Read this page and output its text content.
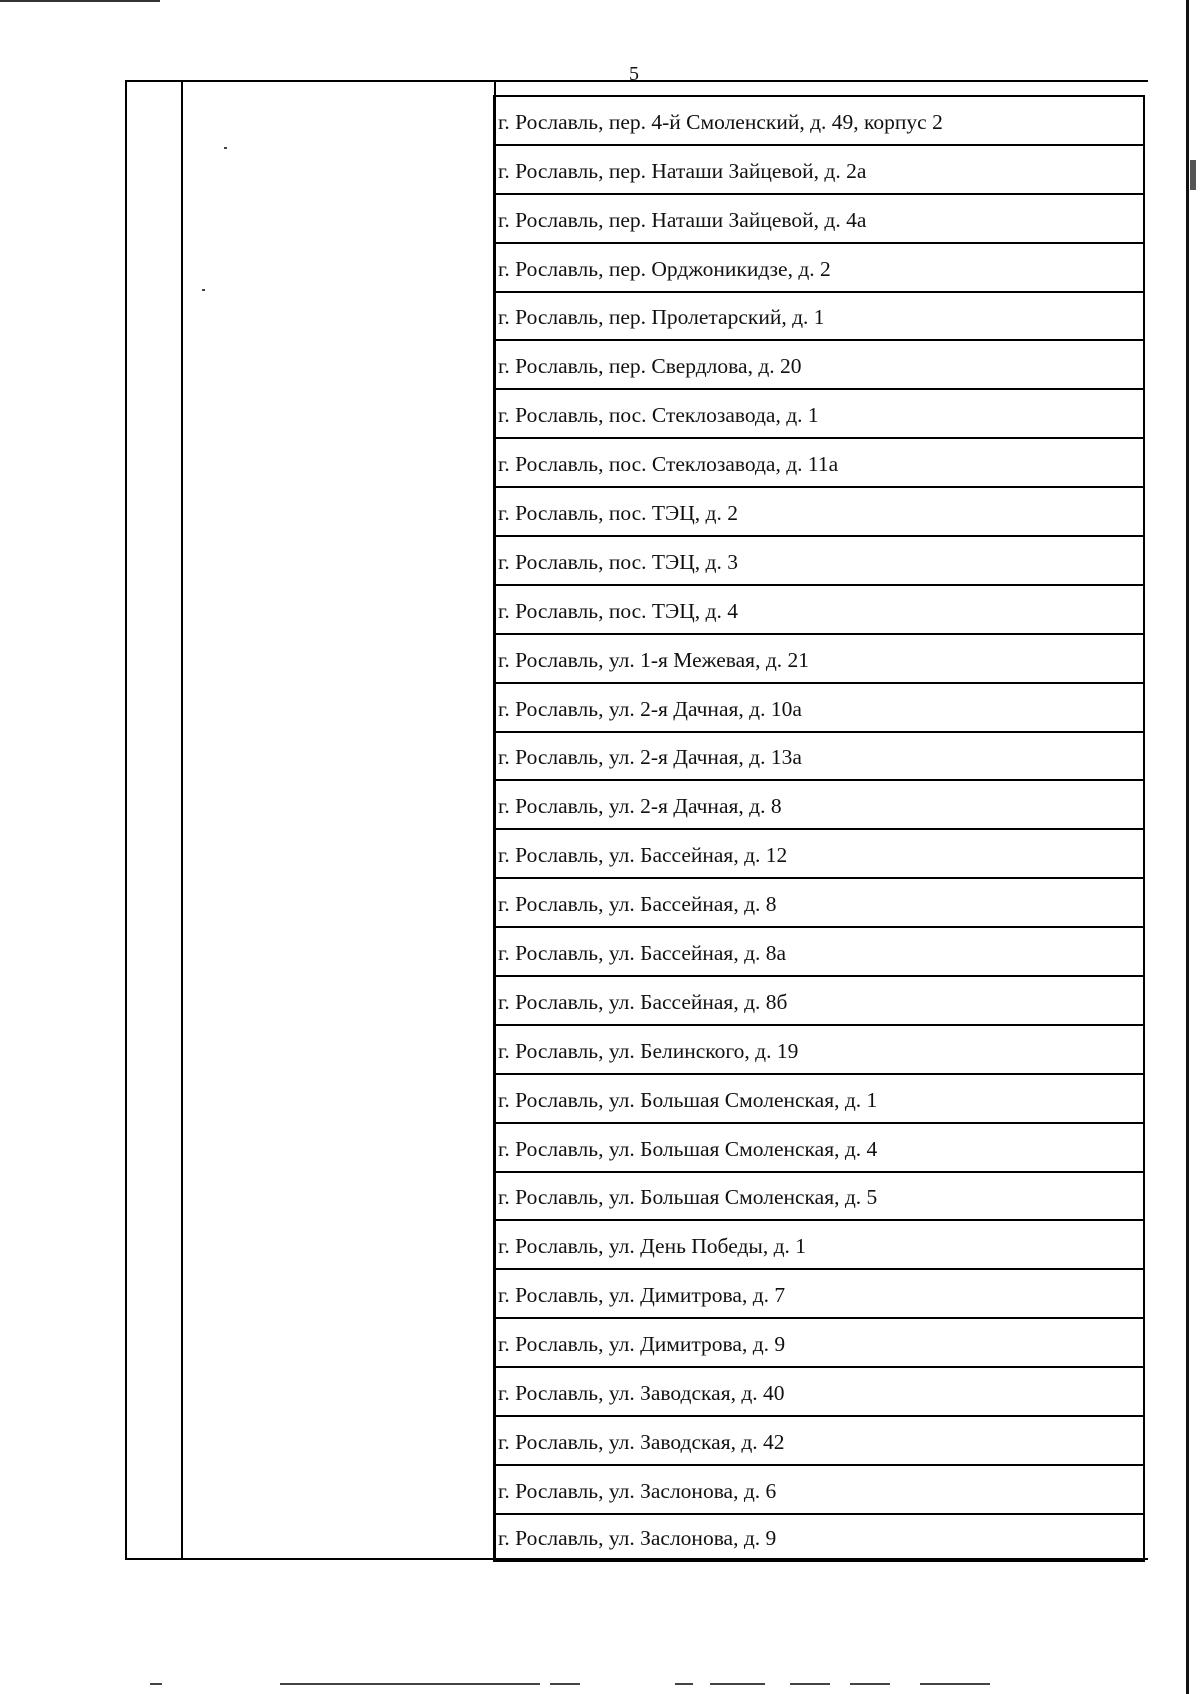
5
г. Рославль, пер. 4-й Смоленский, д. 49, корпус 2
г. Рославль, пер. Наташи Зайцевой, д. 2а
г. Рославль, пер. Наташи Зайцевой, д. 4а
г. Рославль, пер. Орджоникидзе, д. 2
г. Рославль, пер. Пролетарский, д. 1
г. Рославль, пер. Свердлова, д. 20
г. Рославль, пос. Стеклозавода, д. 1
г. Рославль, пос. Стеклозавода, д. 11а
г. Рославль, пос. ТЭЦ, д. 2
г. Рославль, пос. ТЭЦ, д. 3
г. Рославль, пос. ТЭЦ, д. 4
г. Рославль, ул. 1-я Межевая, д. 21
г. Рославль, ул. 2-я Дачная, д. 10а
г. Рославль, ул. 2-я Дачная, д. 13а
г. Рославль, ул. 2-я Дачная, д. 8
г. Рославль, ул. Бассейная, д. 12
г. Рославль, ул. Бассейная, д. 8
г. Рославль, ул. Бассейная, д. 8а
г. Рославль, ул. Бассейная, д. 8б
г. Рославль, ул. Белинского, д. 19
г. Рославль, ул. Большая Смоленская, д. 1
г. Рославль, ул. Большая Смоленская, д. 4
г. Рославль, ул. Большая Смоленская, д. 5
г. Рославль, ул. День Победы, д. 1
г. Рославль, ул. Димитрова, д. 7
г. Рославль, ул. Димитрова, д. 9
г. Рославль, ул. Заводская, д. 40
г. Рославль, ул. Заводская, д. 42
г. Рославль, ул. Заслонова, д. 6
г. Рославль, ул. Заслонова, д. 9
